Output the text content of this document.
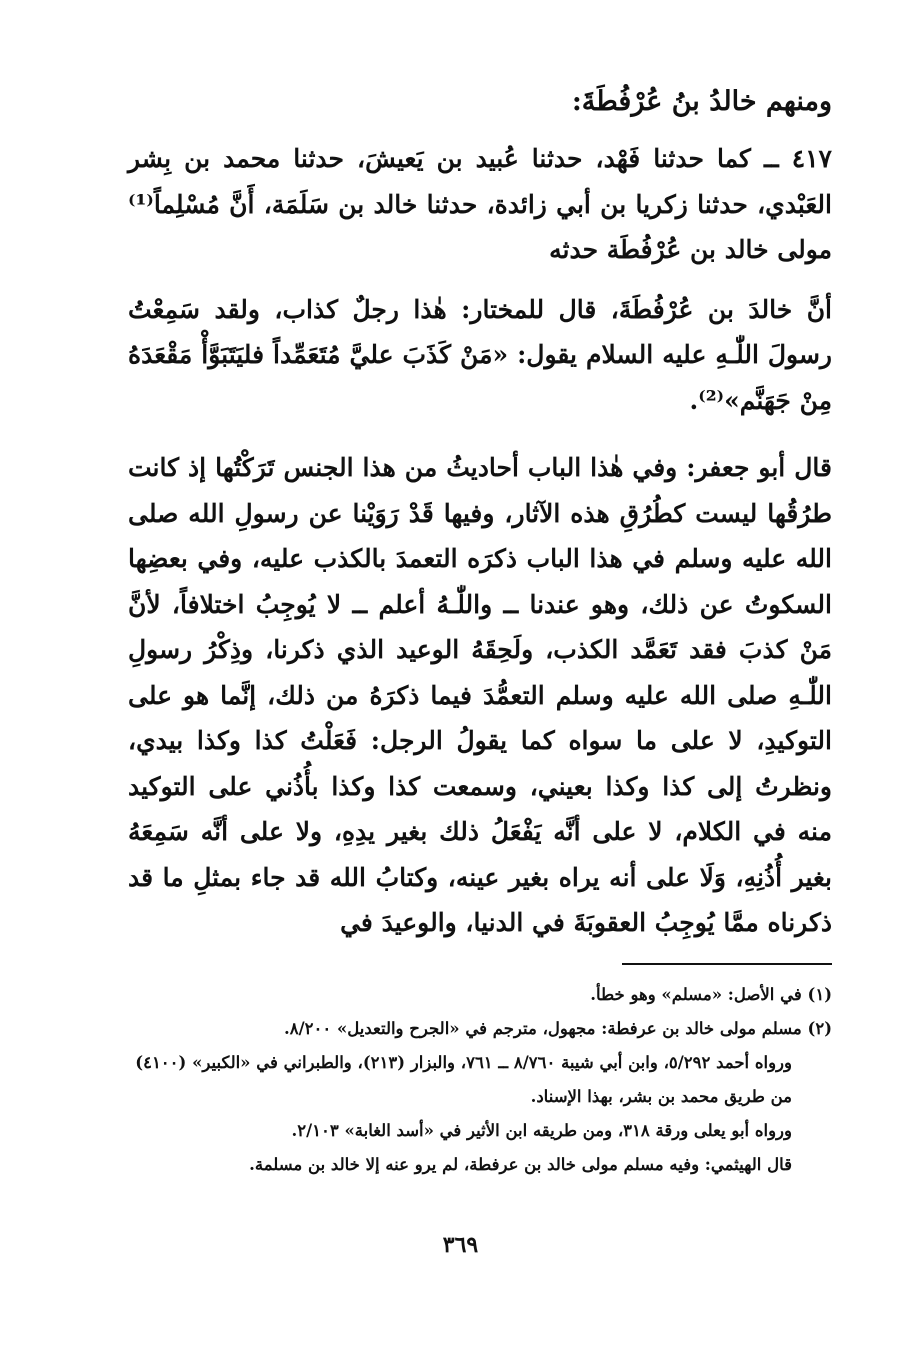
ومنهم خالدُ بنُ عُرْفُطَةَ:

٤١٧ ــ كما حدثنا فَهْد، حدثنا عُبيد بن يَعيشَ، حدثنا محمد بن بِشر العَبْدي، حدثنا زكريا بن أبي زائدة، حدثنا خالد بن سَلَمَة، أَنَّ مُسْلِماً⁽¹⁾ مولى خالد بن عُرْفُطَة حدثه

أنَّ خالدَ بن عُرْفُطَةَ، قال للمختار: هٰذا رجلٌ كذاب، ولقد سَمِعْتُ رسولَ اللّٰـهِ عليه السلام يقول: «مَنْ كَذَبَ عليَّ مُتَعَمِّداً فليَتَبَوَّأْ مَقْعَدَهُ مِنْ جَهَنَّم»⁽²⁾.

قال أبو جعفر: وفي هٰذا الباب أحاديثُ من هذا الجنس تَرَكْتُها إذ كانت طرُقُها ليست كطُرُقِ هذه الآثار، وفيها قَدْ رَوَيْنا عن رسولِ الله صلى الله عليه وسلم في هذا الباب ذكرَه التعمدَ بالكذب عليه، وفي بعضِها السكوتُ عن ذلك، وهو عندنا ــ واللّٰـهُ أعلم ــ لا يُوجِبُ اختلافاً، لأنَّ مَنْ كذبَ فقد تَعَمَّد الكذب، ولَحِقَهُ الوعيد الذي ذكرنا، وذِكْرُ رسولِ اللّٰـهِ صلى الله عليه وسلم التعمُّدَ فيما ذكرَهُ من ذلك، إنَّما هو على التوكيدِ، لا على ما سواه كما يقولُ الرجل: فَعَلْتُ كذا وكذا بيدي، ونظرتُ إلى كذا وكذا بعيني، وسمعت كذا وكذا بأُذُني على التوكيد منه في الكلام، لا على أنَّه يَفْعَلُ ذلك بغير يدِهِ، ولا على أنَّه سَمِعَهُ بغير أُذُنِهِ، وَلَا على أنه يراه بغير عينه، وكتابُ الله قد جاء بمثلِ ما قد ذكرناه ممَّا يُوجِبُ العقوبَةَ في الدنيا، والوعيدَ في

(١) في الأصل: «مسلم» وهو خطأ.

(٢) مسلم مولى خالد بن عرفطة: مجهول، مترجم في «الجرح والتعديل» ٨/٢٠٠.

ورواه أحمد ٥/٢٩٢، وابن أبي شيبة ٨/٧٦٠ ــ ٧٦١، والبزار (٢١٣)، والطبراني في «الكبير» (٤١٠٠) من طريق محمد بن بشر، بهذا الإسناد.

ورواه أبو يعلى ورقة ٣١٨، ومن طريقه ابن الأثير في «أسد الغابة» ٢/١٠٣.

قال الهيثمي: وفيه مسلم مولى خالد بن عرفطة، لم يرو عنه إلا خالد بن مسلمة.

٣٦٩
